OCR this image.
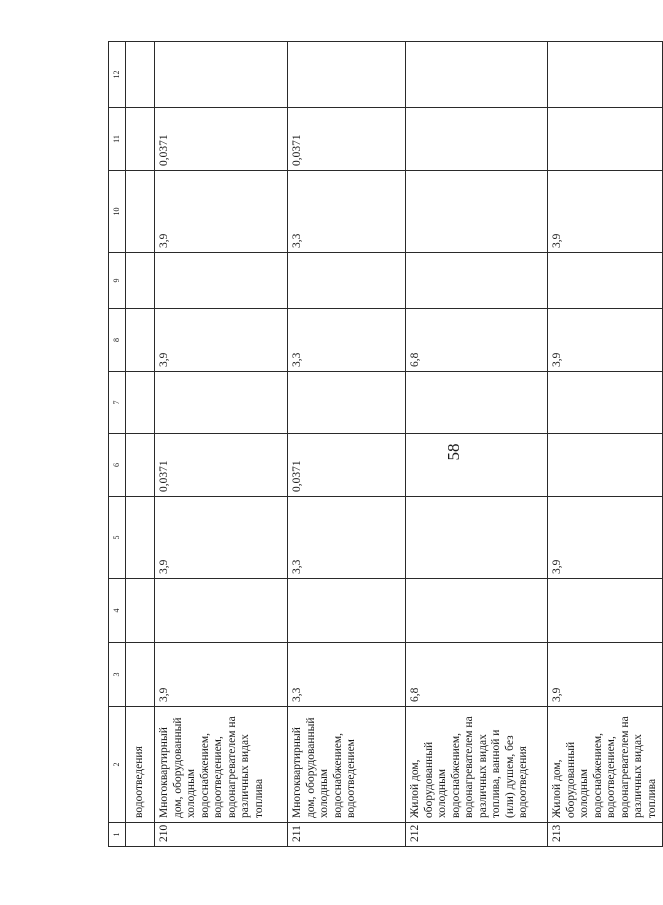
58
1	2	3	4	5	6	7	8	9	10	11	12
	водоотведения										
210	Многоквартирный дом, оборудованный холодным водоснабжением, водоотведением, водонагревателем на различных видах топлива	3,9		3,9	0,0371		3,9		3,9	0,0371	
211	Многоквартирный дом, оборудованный холодным водоснабжением, водоотведением	3,3		3,3	0,0371		3,3		3,3	0,0371	
212	Жилой дом, оборудованный холодным водоснабжением, водонагревателем на различных видах топлива, ванной и (или) душем, без водоотведения	6,8					6,8				
213	Жилой дом, оборудованный холодным водоснабжением, водоотведением, водонагревателем на различных видах топлива	3,9		3,9			3,9		3,9		
